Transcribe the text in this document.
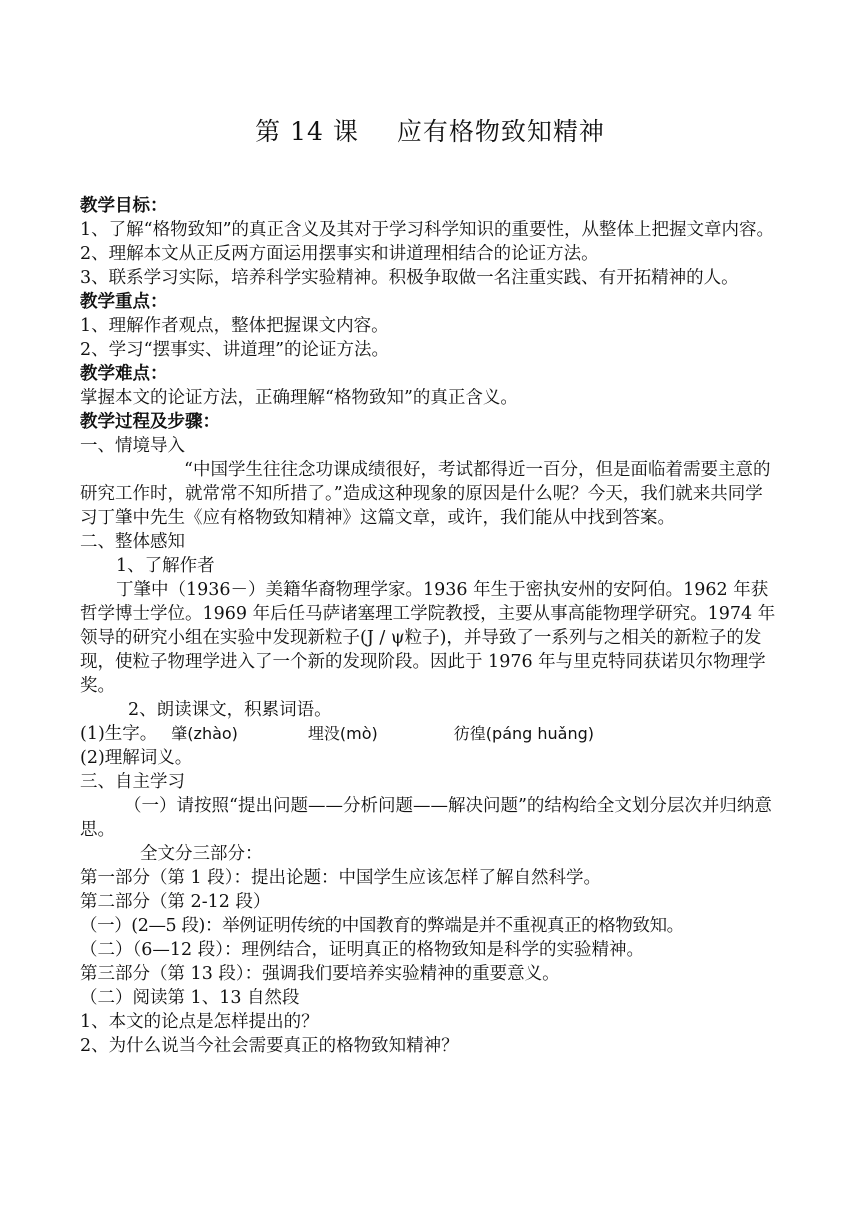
第 14 课 应有格物致知精神
教学目标：
1、了解“格物致知”的真正含义及其对于学习科学知识的重要性，从整体上把握文章内容。
2、理解本文从正反两方面运用摆事实和讲道理相结合的论证方法。
3、联系学习实际，培养科学实验精神。积极争取做一名注重实践、有开拓精神的人。
教学重点：
1、理解作者观点，整体把握课文内容。
2、学习“摆事实、讲道理”的论证方法。
教学难点：
掌握本文的论证方法，正确理解“格物致知”的真正含义。
教学过程及步骤：
一、情境导入
“中国学生往往念功课成绩很好，考试都得近一百分，但是面临着需要主意的研究工作时，就常常不知所措了。”造成这种现象的原因是什么呢？今天，我们就来共同学习丁肇中先生《应有格物致知精神》这篇文章，或许，我们能从中找到答案。
二、整体感知
1、了解作者
丁肇中（1936－）美籍华裔物理学家。1936 年生于密执安州的安阿伯。1962 年获哲学博士学位。1969 年后任马萨诸塞理工学院教授，主要从事高能物理学研究。1974 年领导的研究小组在实验中发现新粒子(J / ψ粒子)，并导致了一系列与之相关的新粒子的发现，使粒子物理学进入了一个新的发现阶段。因此于 1976 年与里克特同获诺贝尔物理学奖。
2、朗读课文，积累词语。
(1)生字。 肇(zhào)	埋没(mò)	彷徨(páng huǎng)
(2)理解词义。
三、自主学习
（一）请按照“提出问题——分析问题——解决问题”的结构给全文划分层次并归纳意思。
全文分三部分：
第一部分（第 1 段）：提出论题：中国学生应该怎样了解自然科学。
第二部分（第 2-12 段）
（一）(2—5 段)：举例证明传统的中国教育的弊端是并不重视真正的格物致知。
（二）（6—12 段）：理例结合，证明真正的格物致知是科学的实验精神。
第三部分（第 13 段）：强调我们要培养实验精神的重要意义。
（二）阅读第 1、13 自然段
1、本文的论点是怎样提出的？
2、为什么说当今社会需要真正的格物致知精神？
